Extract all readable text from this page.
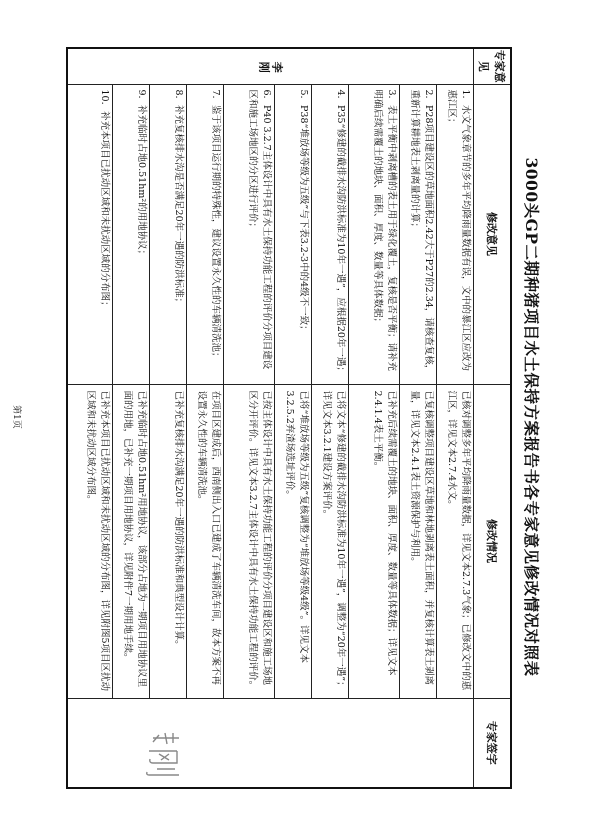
3000头GP二期种猪项目水土保持方案报告书各专家意见修改情况对照表
专家意见	修改意见	修改情况	专家签字
李刚	1．水文气象章节的多年平均降雨量数据有误，文中的暴江区应改为惠江区；	已核对调整多年平均降雨量数据，详见文本2.7.3气象；已修改文中的惠江区，详见文本2.7.4水文。	

	2．P28项目建设区的草地面积2.42大于P27的2.34，请核查复核，重新计算耕地表土剥离量的计算；	已复核调整项目建设区草地和林地剥离表土面积，并复核计算表土剥离量，详见文本2.4.1表土资源保护与利用。	
	3．表土平衡中剥离槽的表土用于绿化覆土，复核是否平衡；请补充明确后续需覆土的地块、面积、厚度、数量等具体数据；	已补充后续需覆土的地块、面积、厚度、数量等具体数据；详见文本2.4.1.4表土平衡。	
	4．P35“修建的截排水沟防洪标准为10年一遇”，应根据20年一遇；	已将文本“修建的截排水沟防洪标准为10年一遇”，调整为“20年一遇”；详见文本3.2.1建设方案评价。	
	5．P38“堆放场等级为五级”与下表3.2-3中的4级不一致；	已将“堆放场等级为五级”复核调整为“堆放场等级4级”。详见文本3.2.5.2弃渣场选址评价。	
	6．P40 3.2.7主体设计中具有水土保持功能工程的评价分项目建设区和施工场地区的分区进行评价；	已按主体设计中具有水土保持功能工程的评价分项目建设区和施工场地区分开评价。详见文本3.2.7主体设计中具有水土保持功能工程的评价。	
	7．鉴于该项目运行期的特殊性，建议设置永久性的车辆清洗池；	在项目区建成后，西南侧出入口已建成了车辆清洗车间，故本方案不再设置永久性的车辆清洗池。	
	8．补充复核排水沟是否满足20年一遇的防洪标准；	已补充复核排水沟满足20年一遇的防洪标准和典型设计计算。	
	9．补充临时占地0.51hm²的用地协议；	已补充临时占地0.51hm²用地协议，该部分占地为一期项目用地协议里面的用地，已补充一期项目用地协议，详见附件7一期用地手续。	
	10．补充本项目已扰动区域和未扰动区域的分布图；	已补充本项目已扰动区域和未扰动区域的分布图，详见附图5项目区扰动区域和未扰动区域分布图。	
第1页
